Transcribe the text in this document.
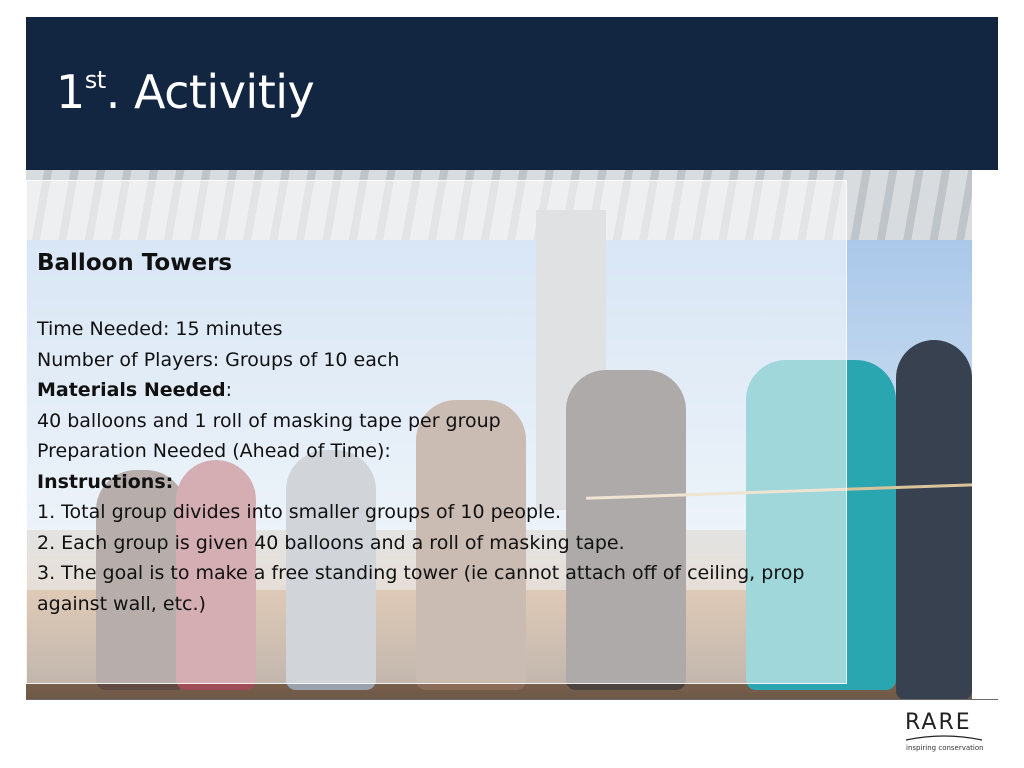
1st. Activitiy

Balloon Towers

Time Needed: 15 minutes

Number of Players: Groups of 10 each

Materials Needed:

40 balloons and 1 roll of masking tape per group

Preparation Needed (Ahead of Time):

Instructions:

1. Total group divides into smaller groups of 10 people.

2. Each group is given 40 balloons and a roll of masking tape.

3. The goal is to make a free standing tower (ie cannot attach off of ceiling, prop against wall, etc.)

RARE
inspiring conservation
